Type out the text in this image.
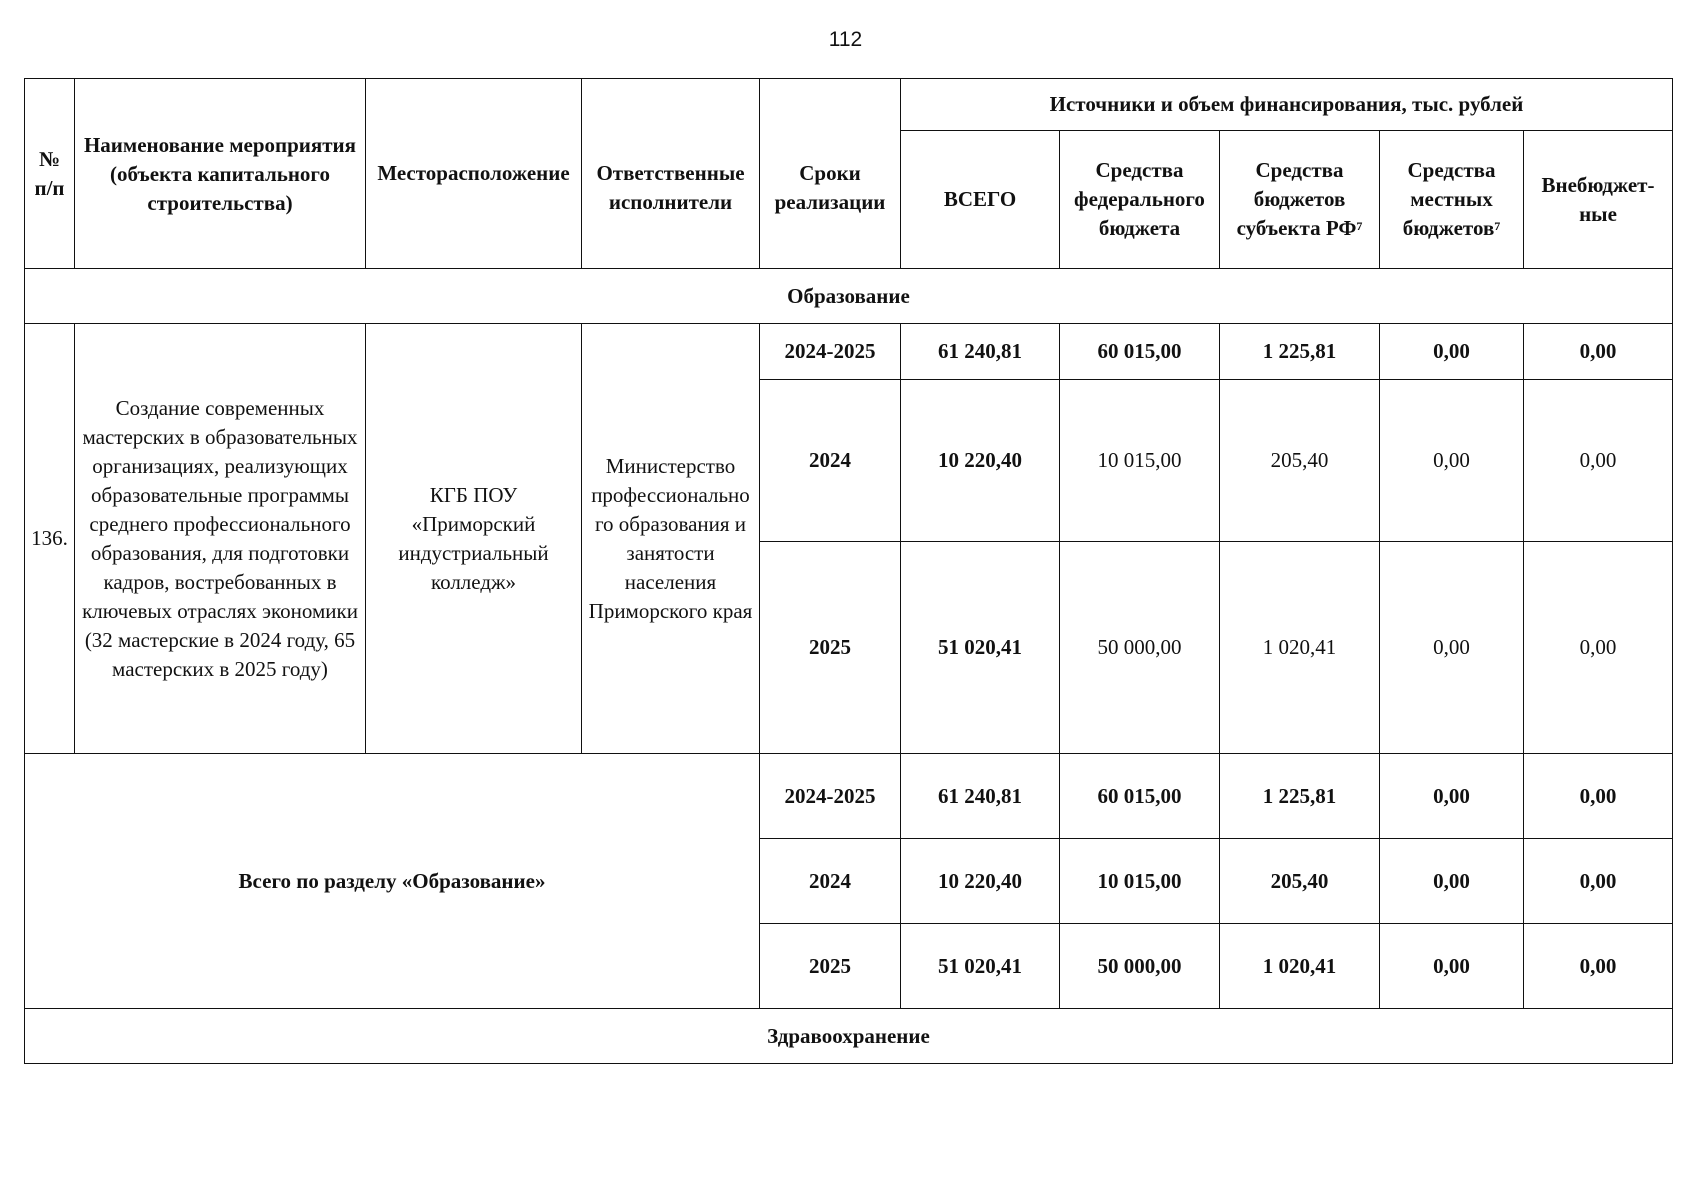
112
№ п/п	Наименование мероприятия (объекта капитального строительства)	Месторасположение	Ответственные исполнители	Сроки реализации	Источники и объем финансирования, тыс. рублей				
					ВСЕГО	Средства федерального бюджета	Средства бюджетов субъекта $РФ^7$	Средства местных бюджетов$^7$	Внебюджет-ные
Образование									
136.	Создание современных мастерских в образовательных организациях, реализующих образовательные программы среднего профессионального образования, для подготовки кадров, востребованных в ключевых отраслях экономики (32 мастерские в 2024 году, 65 мастерских в 2025 году)	КГБ ПОУ «Приморский индустриальный колледж»	Министерство профессионально го образования и занятости населения Приморского края	2024-2025	61 240,81	60 015,00	1 225,81	0,00	0,00
				2024	10 220,40	10 015,00	205,40	0,00	0,00
				2025	51 020,41	50 000,00	1 020,41	0,00	0,00
Всего по разделу «Образование»				2024-2025	61 240,81	60 015,00	1 225,81	0,00	0,00
				2024	10 220,40	10 015,00	205,40	0,00	0,00
				2025	51 020,41	50 000,00	1 020,41	0,00	0,00
Здравоохранение									
